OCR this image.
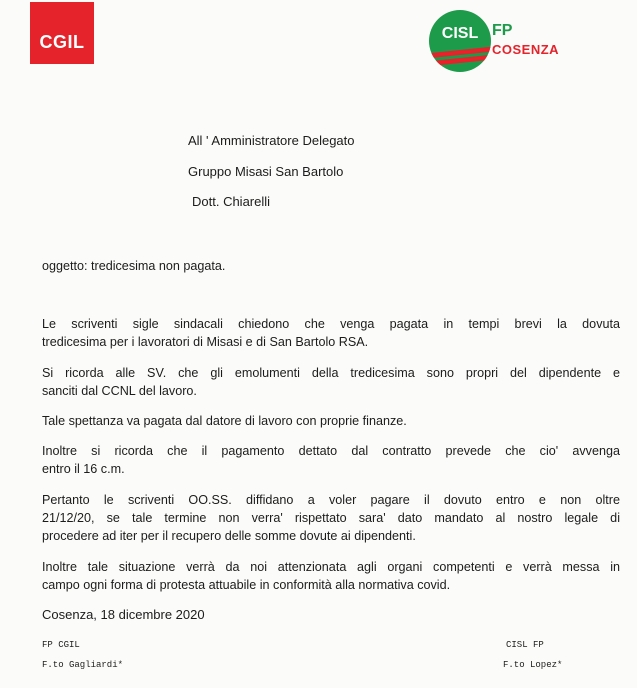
CGIL	CISL FP
COSENZA
All ' Amministratore Delegato
Gruppo Misasi San Bartolo
Dott. Chiarelli
oggetto: tredicesima non pagata.
Le scriventi sigle sindacali chiedono che venga pagata in tempi brevi la dovuta
tredicesima per i lavoratori di Misasi e di San Bartolo RSA.
Si ricorda alle SV. che gli emolumenti della tredicesima sono propri del dipendente e
sanciti dal CCNL del lavoro.
Tale spettanza va pagata dal datore di lavoro con proprie finanze.
Inoltre si ricorda che il pagamento dettato dal contratto prevede che cio' avvenga
entro il 16 c.m.
Pertanto le scriventi OO.SS. diffidano a voler pagare il dovuto entro e non oltre
21/12/20, se tale termine non verra' rispettato sara' dato mandato al nostro legale di
procedere ad iter per il recupero delle somme dovute ai dipendenti.
Inoltre tale situazione verrà da noi attenzionata agli organi competenti e verrà messa in
campo ogni forma di protesta attuabile in conformità alla normativa covid.
Cosenza, 18 dicembre 2020
FP CGIL
F.to Gagliardi*
CISL FP
F.to Lopez*
